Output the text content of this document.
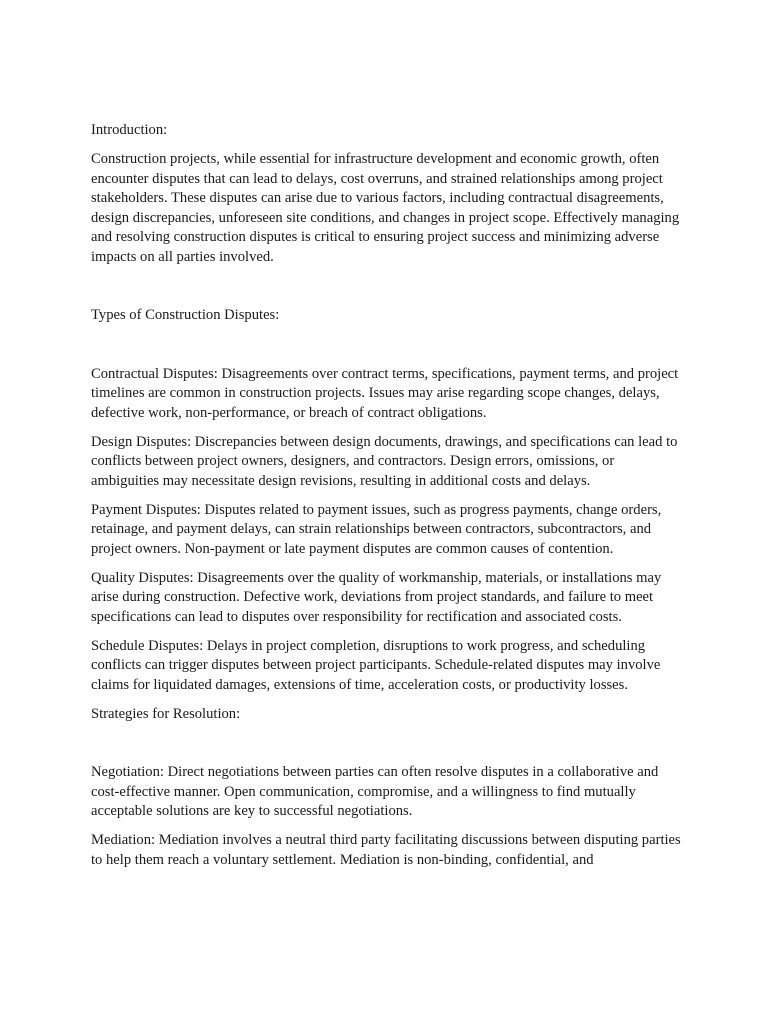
Introduction:

Construction projects, while essential for infrastructure development and economic growth, often encounter disputes that can lead to delays, cost overruns, and strained relationships among project stakeholders. These disputes can arise due to various factors, including contractual disagreements, design discrepancies, unforeseen site conditions, and changes in project scope. Effectively managing and resolving construction disputes is critical to ensuring project success and minimizing adverse impacts on all parties involved.

Types of Construction Disputes:

Contractual Disputes: Disagreements over contract terms, specifications, payment terms, and project timelines are common in construction projects. Issues may arise regarding scope changes, delays, defective work, non-performance, or breach of contract obligations.

Design Disputes: Discrepancies between design documents, drawings, and specifications can lead to conflicts between project owners, designers, and contractors. Design errors, omissions, or ambiguities may necessitate design revisions, resulting in additional costs and delays.

Payment Disputes: Disputes related to payment issues, such as progress payments, change orders, retainage, and payment delays, can strain relationships between contractors, subcontractors, and project owners. Non-payment or late payment disputes are common causes of contention.

Quality Disputes: Disagreements over the quality of workmanship, materials, or installations may arise during construction. Defective work, deviations from project standards, and failure to meet specifications can lead to disputes over responsibility for rectification and associated costs.

Schedule Disputes: Delays in project completion, disruptions to work progress, and scheduling conflicts can trigger disputes between project participants. Schedule-related disputes may involve claims for liquidated damages, extensions of time, acceleration costs, or productivity losses.

Strategies for Resolution:

Negotiation: Direct negotiations between parties can often resolve disputes in a collaborative and cost-effective manner. Open communication, compromise, and a willingness to find mutually acceptable solutions are key to successful negotiations.

Mediation: Mediation involves a neutral third party facilitating discussions between disputing parties to help them reach a voluntary settlement. Mediation is non-binding, confidential, and
